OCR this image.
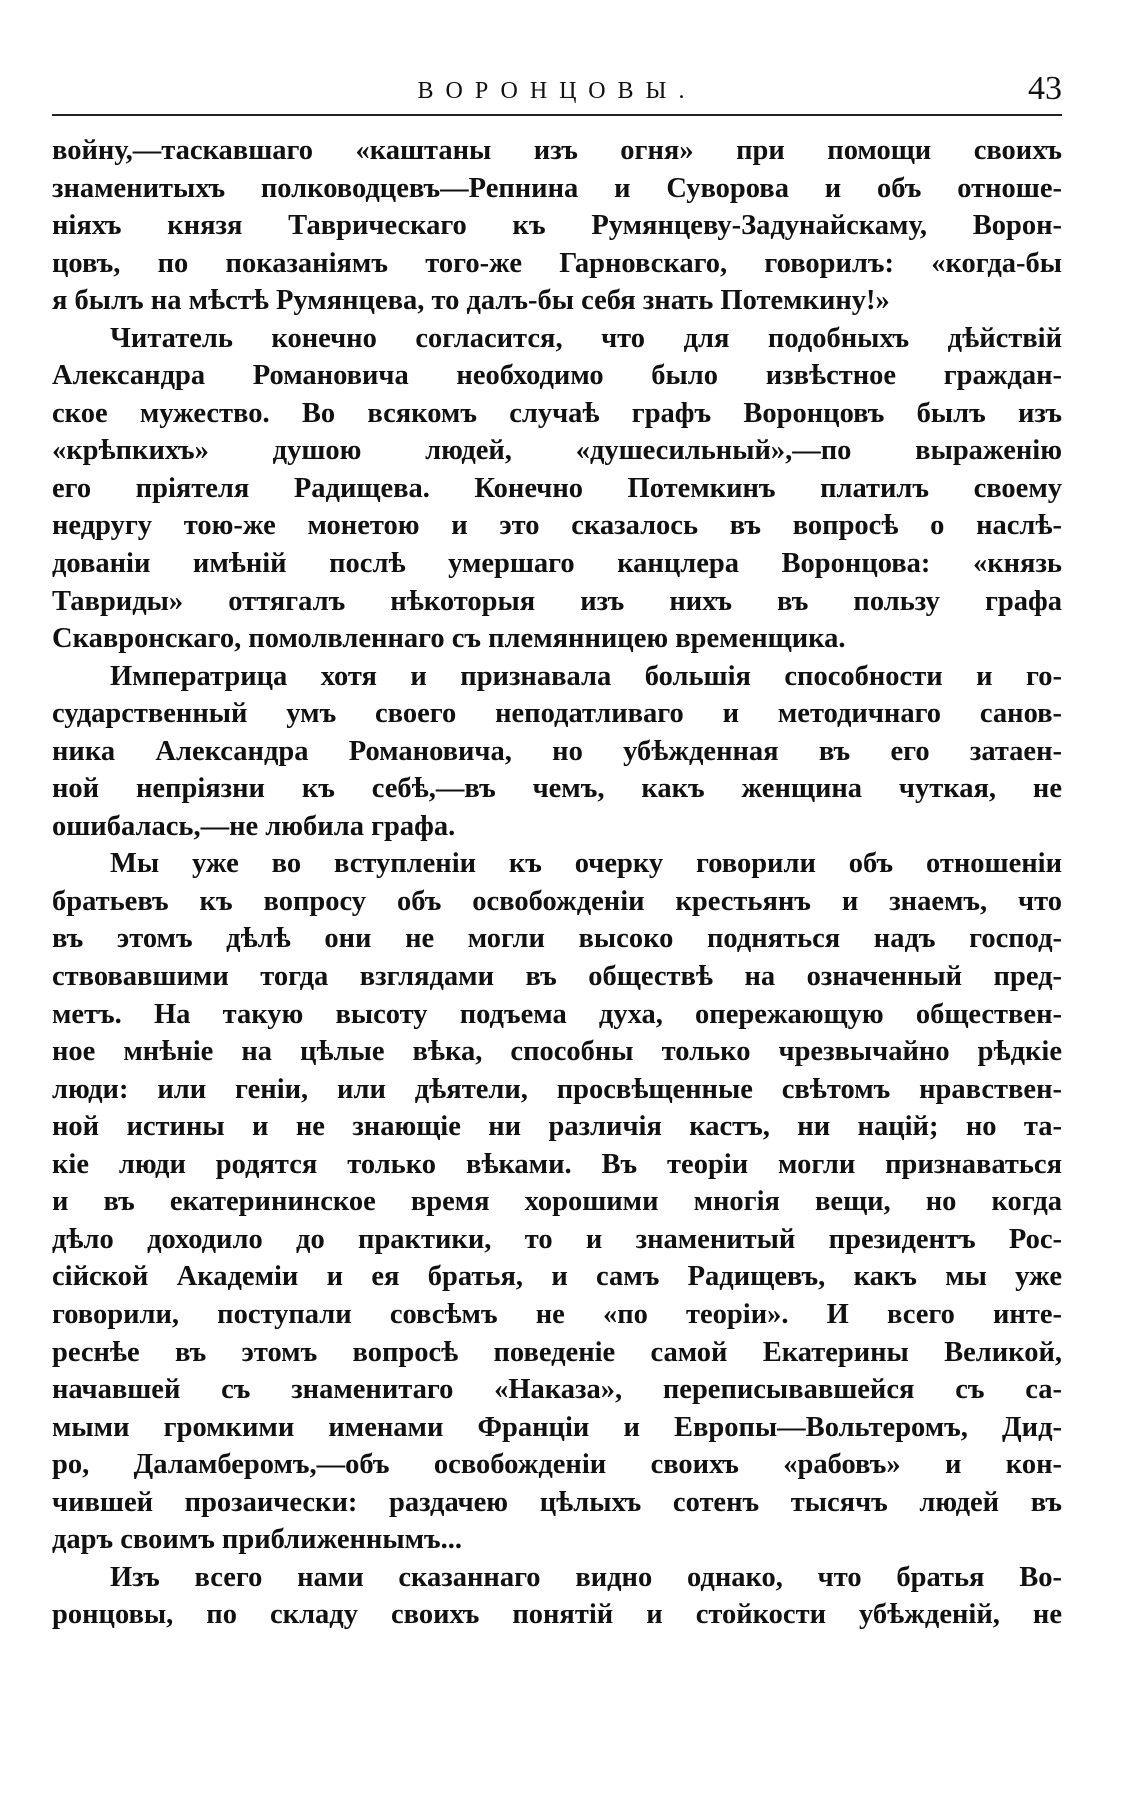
ВОРОНЦОВЫ.	43
войну,—таскавшаго «каштаны изъ огня» при помощи своихъ
знаменитыхъ полководцевъ—Репнина и Суворова и объ отноше-
ніяхъ князя Таврическаго къ Румянцеву-Задунайскаму, Ворон-
цовъ, по показаніямъ того-же Гарновскаго, говорилъ: «когда-бы
я былъ на мѣстѣ Румянцева, то далъ-бы себя знать Потемкину!»
Читатель конечно согласится, что для подобныхъ дѣйствій
Александра Романовича необходимо было извѣстное граждан-
ское мужество. Во всякомъ случаѣ графъ Воронцовъ былъ изъ
«крѣпкихъ» душою людей, «душесильный»,—по выраженію
его пріятеля Радищева. Конечно Потемкинъ платилъ своему
недругу тою-же монетою и это сказалось въ вопросѣ о наслѣ-
дованіи имѣній послѣ умершаго канцлера Воронцова: «князь
Тавриды» оттягалъ нѣкоторыя изъ нихъ въ пользу графа
Скавронскаго, помолвленнаго съ племянницею временщика.
Императрица хотя и признавала большія способности и го-
сударственный умъ своего неподатливаго и методичнаго санов-
ника Александра Романовича, но убѣжденная въ его затаен-
ной непріязни къ себѣ,—въ чемъ, какъ женщина чуткая, не
ошибалась,—не любила графа.
Мы уже во вступленіи къ очерку говорили объ отношеніи
братьевъ къ вопросу объ освобожденіи крестьянъ и знаемъ, что
въ этомъ дѣлѣ они не могли высоко подняться надъ господ-
ствовавшими тогда взглядами въ обществѣ на означенный пред-
метъ. На такую высоту подъема духа, опережающую обществен-
ное мнѣніе на цѣлые вѣка, способны только чрезвычайно рѣдкіе
люди: или геніи, или дѣятели, просвѣщенные свѣтомъ нравствен-
ной истины и не знающіе ни различія кастъ, ни націй; но та-
кіе люди родятся только вѣками. Въ теоріи могли признаваться
и въ екатерининское время хорошими многія вещи, но когда
дѣло доходило до практики, то и знаменитый президентъ Рос-
сійской Академіи и ея братья, и самъ Радищевъ, какъ мы уже
говорили, поступали совсѣмъ не «по теоріи». И всего инте-
реснѣе въ этомъ вопросѣ поведеніе самой Екатерины Великой,
начавшей съ знаменитаго «Наказа», переписывавшейся съ са-
мыми громкими именами Франціи и Европы—Вольтеромъ, Дид-
ро, Даламберомъ,—объ освобожденіи своихъ «рабовъ» и кон-
чившей прозаически: раздачею цѣлыхъ сотенъ тысячъ людей въ
даръ своимъ приближеннымъ...
Изъ всего нами сказаннаго видно однако, что братья Во-
ронцовы, по складу своихъ понятій и стойкости убѣжденій, не
